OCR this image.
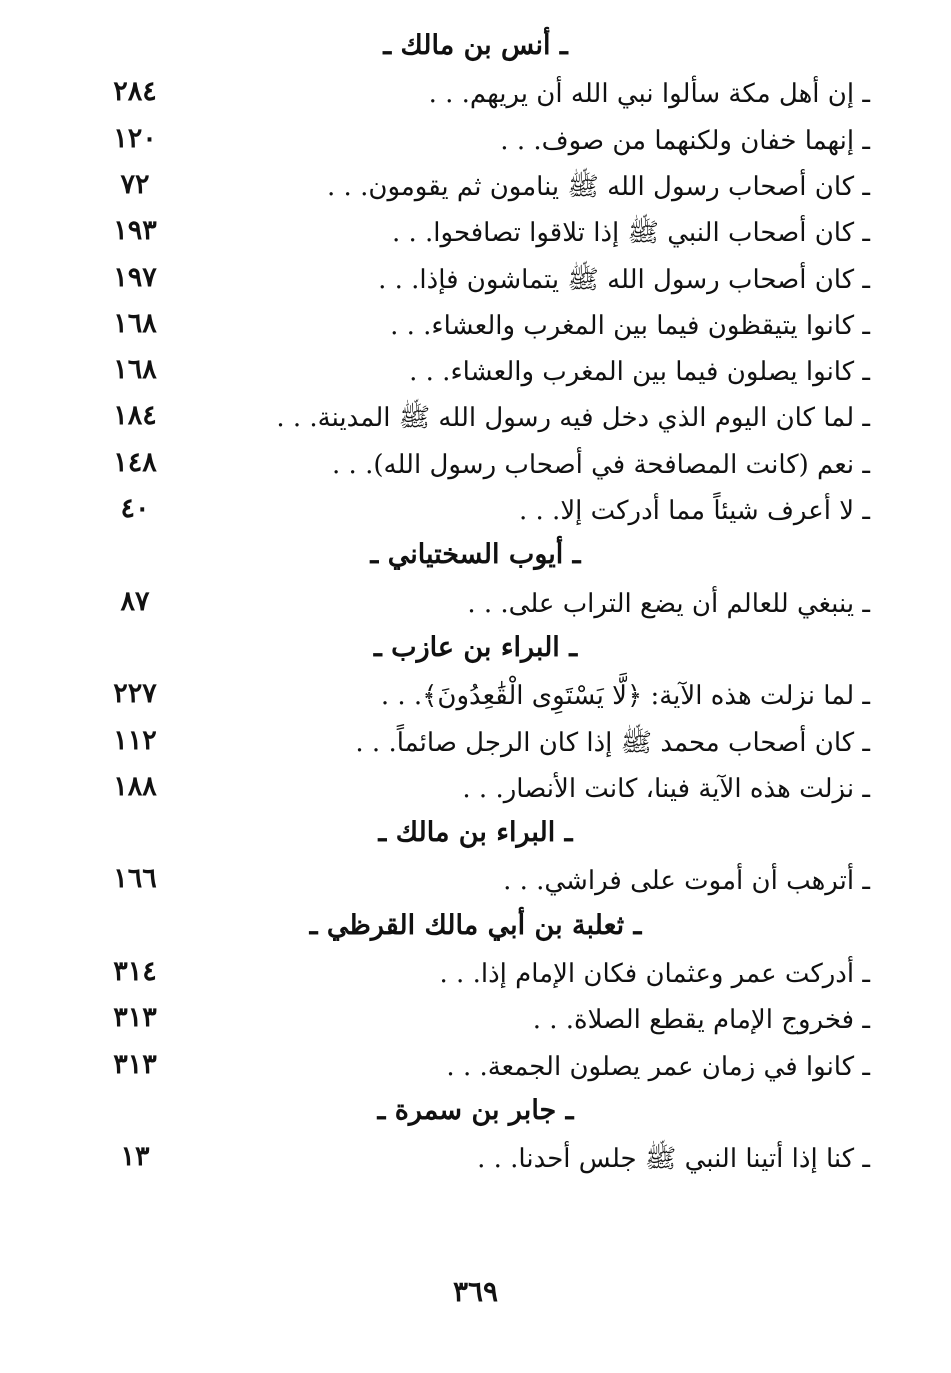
ـ أنس بن مالك ـ
ـ إن أهل مكة سألوا نبي الله أن يريهم. . .
٢٨٤
ـ إنهما خفان ولكنهما من صوف. . .
١٢٠
ـ كان أصحاب رسول الله ﷺ ينامون ثم يقومون. . .
٧٢
ـ كان أصحاب النبي ﷺ إذا تلاقوا تصافحوا. . .
١٩٣
ـ كان أصحاب رسول الله ﷺ يتماشون فإذا. . .
١٩٧
ـ كانوا يتيقظون فيما بين المغرب والعشاء. . .
١٦٨
ـ كانوا يصلون فيما بين المغرب والعشاء. . .
١٦٨
ـ لما كان اليوم الذي دخل فيه رسول الله ﷺ المدينة. . .
١٨٤
ـ نعم (كانت المصافحة في أصحاب رسول الله). . .
١٤٨
ـ لا أعرف شيئاً مما أدركت إلا. . .
٤٠
ـ أيوب السختياني ـ
ـ ينبغي للعالم أن يضع التراب على. . .
٨٧
ـ البراء بن عازب ـ
ـ لما نزلت هذه الآية: ﴿لَّا يَسْتَوِى الْقَٰعِدُونَ﴾. . .
٢٢٧
ـ كان أصحاب محمد ﷺ إذا كان الرجل صائماً. . .
١١٢
ـ نزلت هذه الآية فينا، كانت الأنصار. . .
١٨٨
ـ البراء بن مالك ـ
ـ أترهب أن أموت على فراشي. . .
١٦٦
ـ ثعلبة بن أبي مالك القرظي ـ
ـ أدركت عمر وعثمان فكان الإمام إذا. . .
٣١٤
ـ فخروج الإمام يقطع الصلاة. . .
٣١٣
ـ كانوا في زمان عمر يصلون الجمعة. . .
٣١٣
ـ جابر بن سمرة ـ
ـ كنا إذا أتينا النبي ﷺ جلس أحدنا. . .
١٣
٣٦٩
